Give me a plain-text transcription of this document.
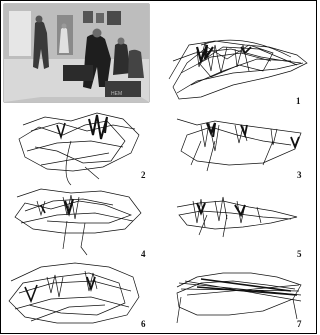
НЕМ
1
2	3
4	5
6	7
